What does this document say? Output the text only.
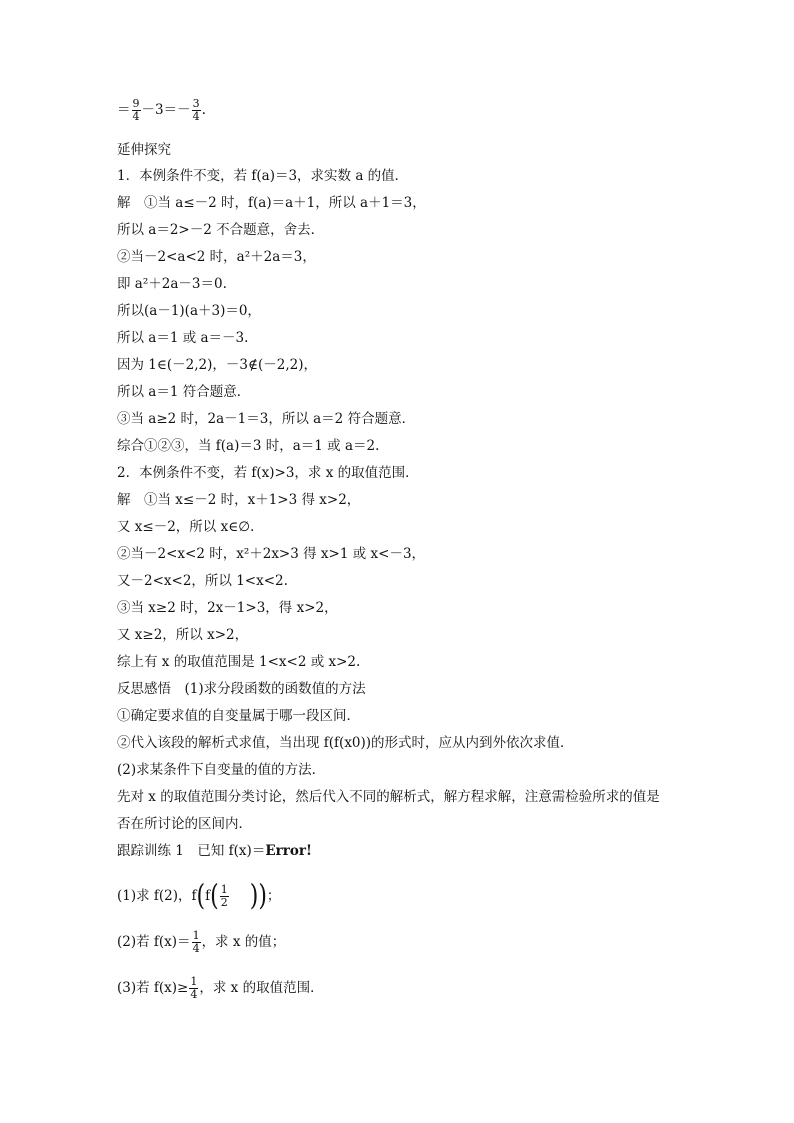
＝ $\frac{9}{4} -3=- \frac{3}{4}$ .
延伸探究
1．本例条件不变，若 f(a)＝3，求实数 a 的值．
解　①当 a≤－2 时，f(a)＝a＋1，所以 a＋1＝3，
所以 a＝2>－2 不合题意，舍去．
②当－2<a<2 时，a²＋2a＝3，
即 a²＋2a－3＝0.
所以(a－1)(a＋3)＝0，
所以 a＝1 或 a＝－3.
因为 1∈(－2,2)，－3∉(－2,2)，
所以 a＝1 符合题意．
③当 a≥2 时，2a－1＝3，所以 a＝2 符合题意．
综合①②③，当 f(a)＝3 时，a＝1 或 a＝2.
2．本例条件不变，若 f(x)>3，求 x 的取值范围．
解　①当 x≤－2 时，x＋1>3 得 x>2，
又 x≤－2，所以 x∈∅.
②当－2<x<2 时，x²＋2x>3 得 x>1 或 x<－3，
又－2<x<2，所以 1<x<2.
③当 x≥2 时，2x－1>3，得 x>2，
又 x≥2，所以 x>2，
综上有 x 的取值范围是 1<x<2 或 x>2.
反思感悟　(1)求分段函数的函数值的方法
①确定要求值的自变量属于哪一段区间．
②代入该段的解析式求值，当出现 f(f(x0))的形式时，应从内到外依次求值．
(2)求某条件下自变量的值的方法．
先对 x 的取值范围分类讨论，然后代入不同的解析式，解方程求解，注意需检验所求的值是
否在所讨论的区间内．
跟踪训练 1　已知 f(x)＝Error!
(1)求 f(2)，$f(f( \frac{1}{2}$ ))；
(2)若 $f(x)= \frac{1}{4}$ ，求 x 的值；
(3)若 $f(x)\ge \frac{1}{4}$ ，求 x 的取值范围．
